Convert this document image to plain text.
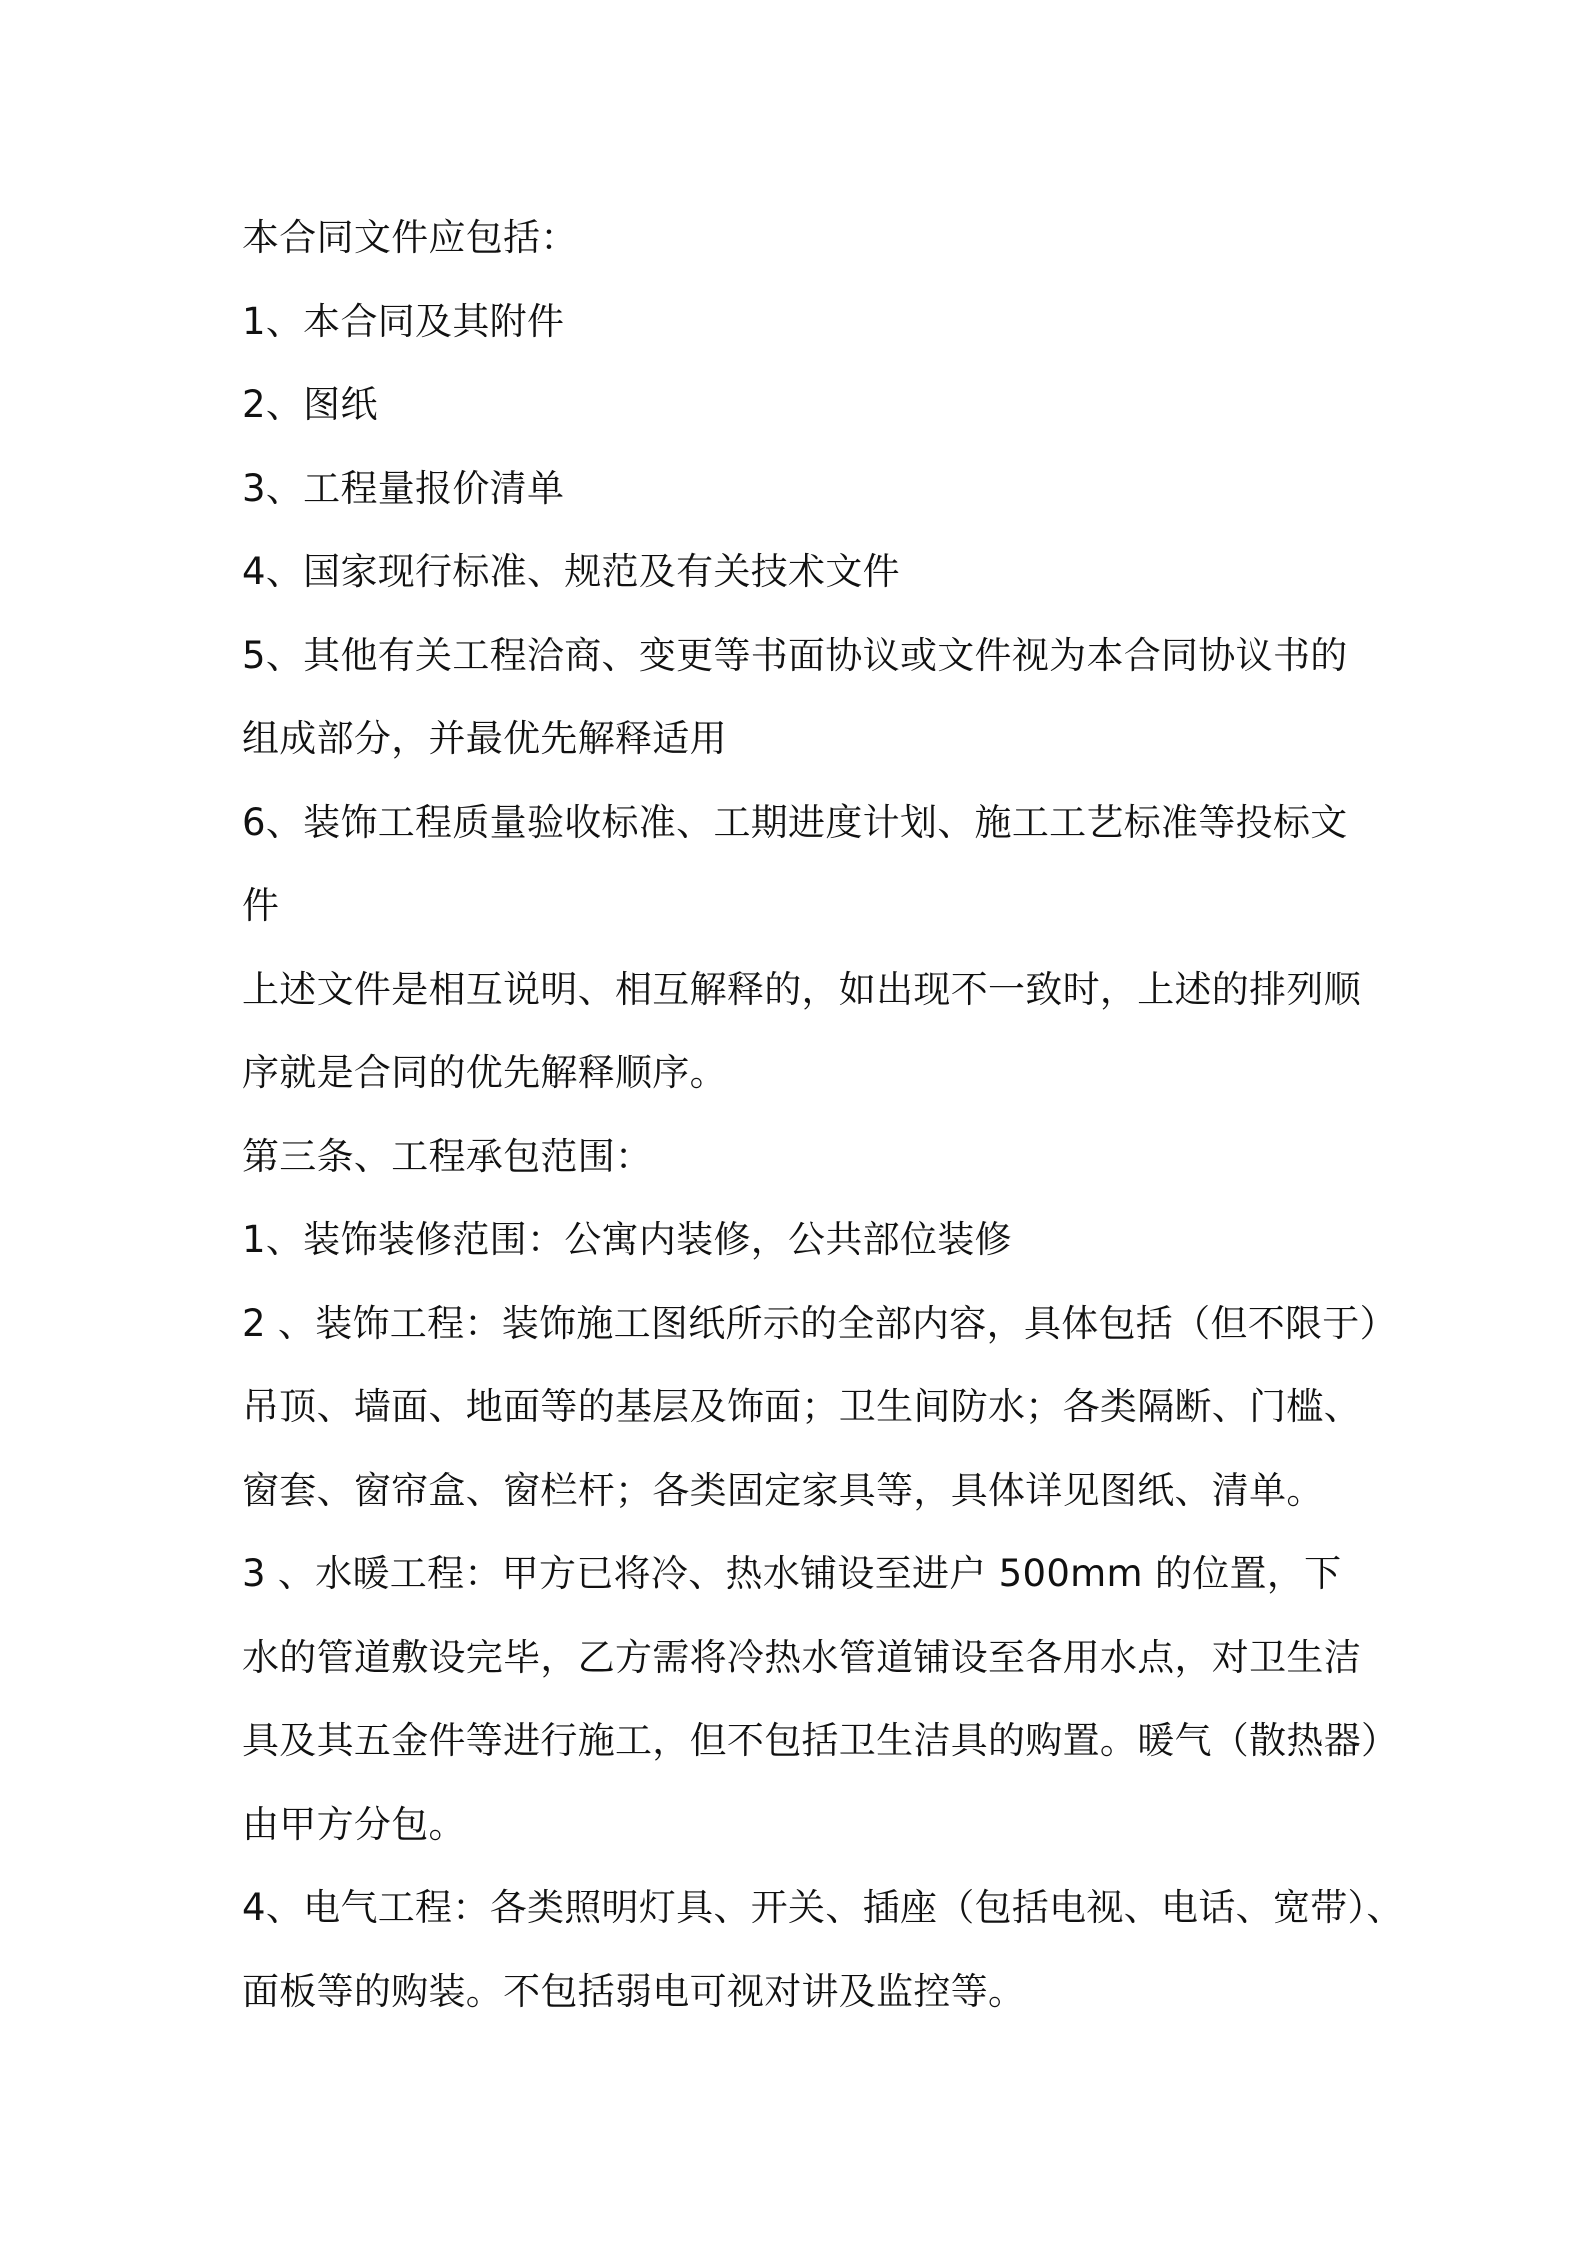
本合同文件应包括：
1、本合同及其附件
2、图纸
3、工程量报价清单
4、国家现行标准、规范及有关技术文件
5、其他有关工程洽商、变更等书面协议或文件视为本合同协议书的
组成部分，并最优先解释适用
6、装饰工程质量验收标准、工期进度计划、施工工艺标准等投标文
件
上述文件是相互说明、相互解释的，如出现不一致时，上述的排列顺
序就是合同的优先解释顺序。
第三条、工程承包范围：
1、装饰装修范围：公寓内装修，公共部位装修
2 、装饰工程：装饰施工图纸所示的全部内容，具体包括（但不限于）
吊顶、墙面、地面等的基层及饰面；卫生间防水；各类隔断、门槛、
窗套、窗帘盒、窗栏杆；各类固定家具等，具体详见图纸、清单。
3 、水暖工程：甲方已将冷、热水铺设至进户 500mm 的位置，下
水的管道敷设完毕，乙方需将冷热水管道铺设至各用水点，对卫生洁
具及其五金件等进行施工，但不包括卫生洁具的购置。暖气（散热器）
由甲方分包。
4、电气工程：各类照明灯具、开关、插座（包括电视、电话、宽带）、
面板等的购装。不包括弱电可视对讲及监控等。
